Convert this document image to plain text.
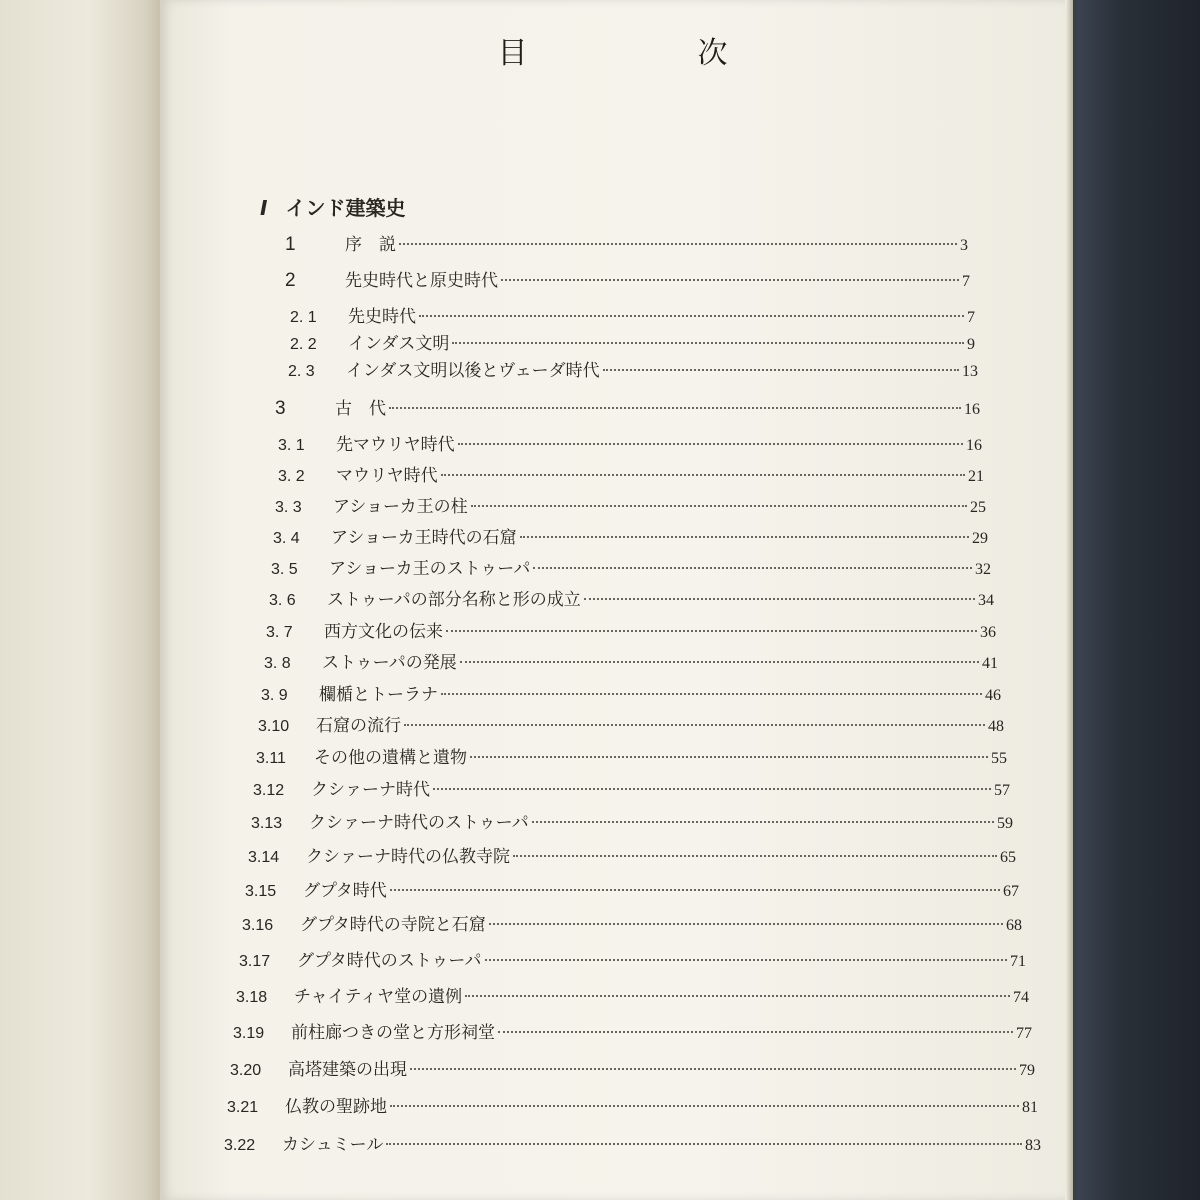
目　次
I インド建築史
1	序　説	3
2	先史時代と原史時代	7
2. 1	先史時代	7
2. 2	インダス文明	9
2. 3	インダス文明以後とヴェーダ時代	13
3	古　代	16
3. 1	先マウリヤ時代	16
3. 2	マウリヤ時代	21
3. 3	アショーカ王の柱	25
3. 4	アショーカ王時代の石窟	29
3. 5	アショーカ王のストゥーパ	32
3. 6	ストゥーパの部分名称と形の成立	34
3. 7	西方文化の伝来	36
3. 8	ストゥーパの発展	41
3. 9	欄楯とトーラナ	46
3.10	石窟の流行	48
3.11	その他の遺構と遺物	55
3.12	クシァーナ時代	57
3.13	クシァーナ時代のストゥーパ	59
3.14	クシァーナ時代の仏教寺院	65
3.15	グプタ時代	67
3.16	グプタ時代の寺院と石窟	68
3.17	グプタ時代のストゥーパ	71
3.18	チャイティヤ堂の遺例	74
3.19	前柱廊つきの堂と方形祠堂	77
3.20	高塔建築の出現	79
3.21	仏教の聖跡地	81
3.22	カシュミール	83
